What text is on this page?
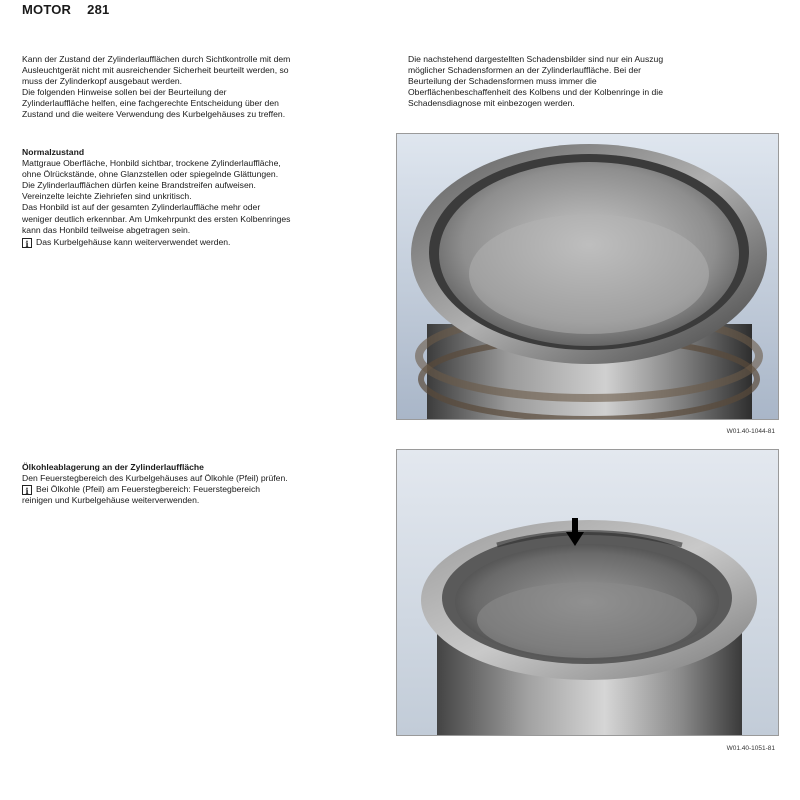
MOTOR 281

Kann der Zustand der Zylinderlaufflächen durch Sichtkontrolle mit dem

Ausleuchtgerät nicht mit ausreichender Sicherheit beurteilt werden, so

muss der Zylinderkopf ausgebaut werden.

Die folgenden Hinweise sollen bei der Beurteilung der

Zylinderlauffläche helfen, eine fachgerechte Entscheidung über den

Zustand und die weitere Verwendung des Kurbelgehäuses zu treffen.

Normalzustand

Mattgraue Oberfläche, Honbild sichtbar, trockene Zylinderlauffläche,

ohne Ölrückstände, ohne Glanzstellen oder spiegelnde Glättungen.

Die Zylinderlaufflächen dürfen keine Brandstreifen aufweisen.

Vereinzelte leichte Ziehriefen sind unkritisch.

Das Honbild ist auf der gesamten Zylinderlauffläche mehr oder

weniger deutlich erkennbar. Am Umkehrpunkt des ersten Kolbenringes

kann das Honbild teilweise abgetragen sein.

i Das Kurbelgehäuse kann weiterverwendet werden.

Ölkohleablagerung an der Zylinderlauffläche

Den Feuerstegbereich des Kurbelgehäuses auf Ölkohle (Pfeil) prüfen.

i Bei Ölkohle (Pfeil) am Feuerstegbereich: Feuerstegbereich

reinigen und Kurbelgehäuse weiterverwenden.

Die nachstehend dargestellten Schadensbilder sind nur ein Auszug

möglicher Schadensformen an der Zylinderlauffläche. Bei der

Beurteilung der Schadensformen muss immer die

Oberflächenbeschaffenheit des Kolbens und der Kolbenringe in die

Schadensdiagnose mit einbezogen werden.

W01.40-1044-81
W01.40-1051-81
